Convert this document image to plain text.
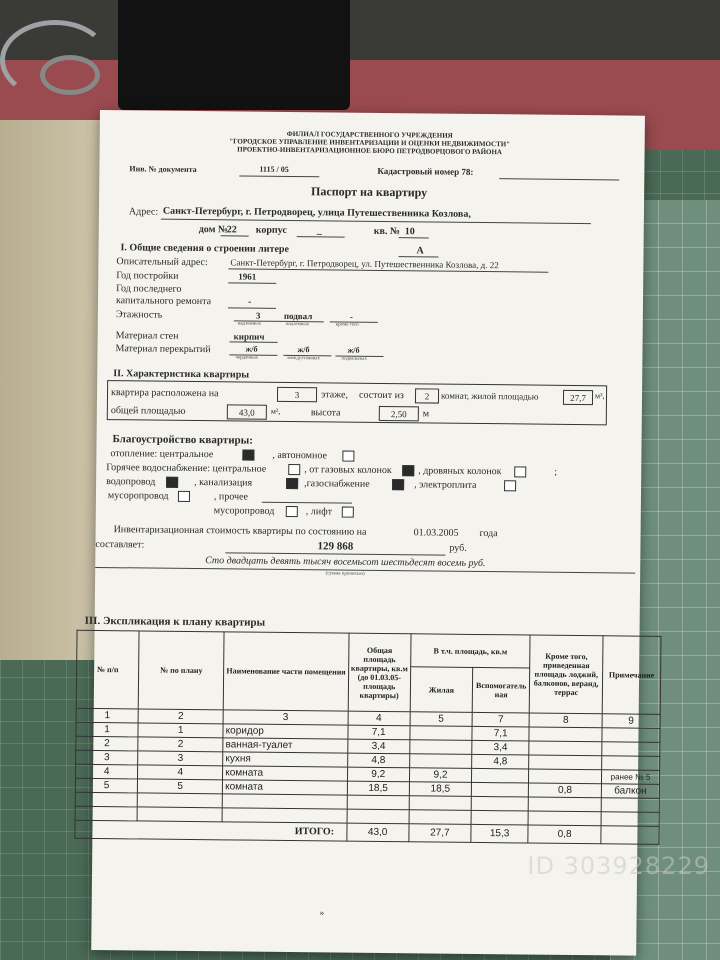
ФИЛИАЛ ГОСУДАРСТВЕННОГО УЧРЕЖДЕНИЯ
"ГОРОДСКОЕ УПРАВЛЕНИЕ ИНВЕНТАРИЗАЦИИ И ОЦЕНКИ НЕДВИЖИМОСТИ"
ПРОЕКТНО-ИНВЕНТАРИЗАЦИОННОЕ БЮРО ПЕТРОДВОРЦОВОГО РАЙОНА
Инв. № документа	1115 / 05	Кадастровый номер 78:
Паспорт на квартиру
Адрес: Санкт-Петербург, г. Петродворец, улица Путешественника Козлова,
дом №
22 корпус	_	кв. № 10
I. Общие сведения о строении литере	А
Описательный адрес:	Санкт-Петербург, г. Петродворец, ул. Путешественника Козлова, д. 22
Год постройки	1961
Год последнего
капитального ремонта	-
Этажность	3	подвал	-
надземных	подземных	кроме того
Материал стен	кирпич
Материал перекрытий	ж/б	ж/б	ж/б
чердачных	междуэтажных	подвальных
II. Характеристика квартиры
квартира расположена на	3	этаже, состоит из	2	комнат, жилой площадью	27,7	м²,
общей площадью	43,0	м²,	высота	2,50	м
Благоустройство квартиры:
отопление: центральное	, автономное
Горячее водоснабжение: центральное	, от газовых колонок	, дровяных колонок	;
водопровод	, канализация	,газоснабжение	, электроплита
мусоропровод	, прочее
мусоропровод	, лифт
Инвентаризационная стоимость квартиры по состоянию на	01.03.2005 года
составляет:	129 868	руб.
Сто двадцать девять тысяч восемьсот шестьдесят восемь руб.
(сумма прописью)
III. Экспликация к плану квартиры
№ п/п	№ по плану	Наименование части помещения	Общая площадь квартиры, кв.м (до 01.03.05- площадь квартиры)	В т.ч. площадь, кв.м		Кроме того, приведенная площадь лоджий, балконов, веранд, террас	Примечание
				Жилая	Вспомогатель ная		
1	2	3	4	5	7	8	9
1	1	коридор	7,1		7,1		
2	2	ванная-туалет	3,4		3,4		
3	3	кухня	4,8		4,8		
4	4	комната	9,2	9,2			ранее № 5
5	5	комната	18,5	18,5		0,8	балкон

ИТОГО:			43,0	27,7	15,3	0,8	
»
ID 303928229
